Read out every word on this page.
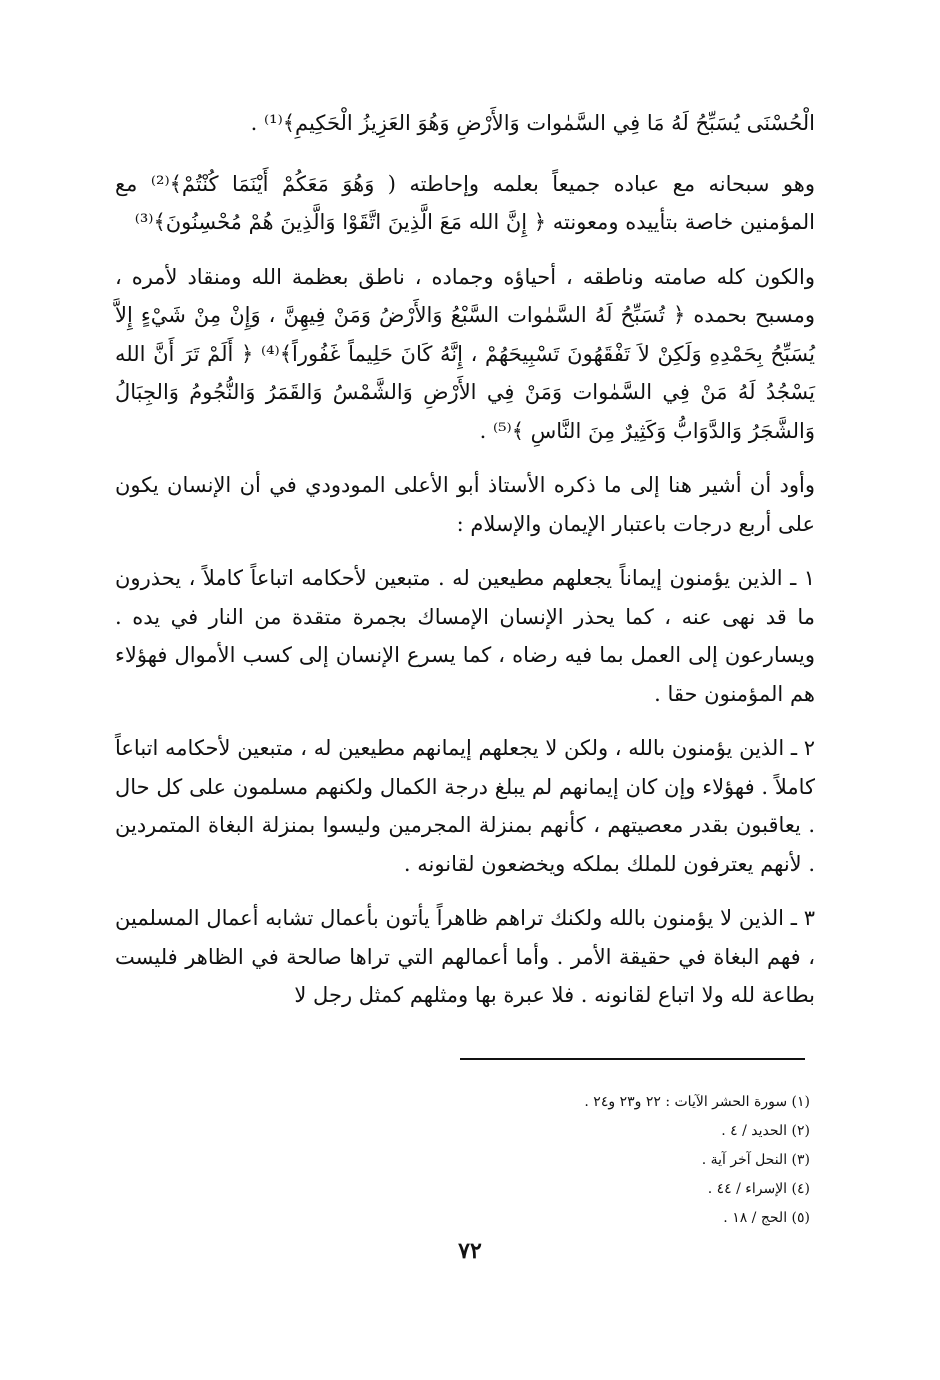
الْحُسْنَى يُسَبِّحُ لَهُ مَا فِي السَّمٰوات وَالأَرْضِ وَهُوَ العَزِيزُ الْحَكِيمِ﴾⁽¹⁾ .

وهو سبحانه مع عباده جميعاً بعلمه وإحاطته ( وَهُوَ مَعَكُمْ أَيْنَمَا كُنْتُمْ﴾⁽²⁾ مع المؤمنين خاصة بتأييده ومعونته ﴿ إِنَّ الله مَعَ الَّذِينَ اتَّقَوْا وَالَّذِينَ هُمْ مُحْسِنُونَ﴾⁽³⁾

والكون كله صامته وناطقه ، أحياؤه وجماده ، ناطق بعظمة الله ومنقاد لأمره ، ومسبح بحمده ﴿ تُسَبِّحُ لَهُ السَّمٰوات السَّبْعُ وَالأَرْضُ وَمَنْ فِيهِنَّ ، وَإِنْ مِنْ شَيْءٍ إِلاَّ يُسَبِّحُ بِحَمْدِهِ وَلَكِنْ لاَ تَفْقَهُونَ تَسْبِيحَهُمْ ، إِنَّهُ كَانَ حَلِيماً غَفُوراً﴾⁽⁴⁾ ﴿ أَلَمْ تَرَ أَنَّ الله يَسْجُدُ لَهُ مَنْ فِي السَّمٰوات وَمَنْ فِي الأَرْضِ وَالشَّمْسُ وَالقَمَرُ وَالنُّجُومُ وَالجِبَالُ وَالشَّجَرُ وَالدَّوَابُّ وَكَثِيرٌ مِنَ النَّاسِ ﴾⁽⁵⁾ .

وأود أن أشير هنا إلى ما ذكره الأستاذ أبو الأعلى المودودي في أن الإنسان يكون على أربع درجات باعتبار الإيمان والإسلام :

١ ـ الذين يؤمنون إيماناً يجعلهم مطيعين له . متبعين لأحكامه اتباعاً كاملاً ، يحذرون ما قد نهى عنه ، كما يحذر الإنسان الإمساك بجمرة متقدة من النار في يده . ويسارعون إلى العمل بما فيه رضاه ، كما يسرع الإنسان إلى كسب الأموال فهؤلاء هم المؤمنون حقا .

٢ ـ الذين يؤمنون بالله ، ولكن لا يجعلهم إيمانهم مطيعين له ، متبعين لأحكامه اتباعاً كاملاً . فهؤلاء وإن كان إيمانهم لم يبلغ درجة الكمال ولكنهم مسلمون على كل حال . يعاقبون بقدر معصيتهم ، كأنهم بمنزلة المجرمين وليسوا بمنزلة البغاة المتمردين . لأنهم يعترفون للملك بملكه ويخضعون لقانونه .

٣ ـ الذين لا يؤمنون بالله ولكنك تراهم ظاهراً يأتون بأعمال تشابه أعمال المسلمين ، فهم البغاة في حقيقة الأمر . وأما أعمالهم التي تراها صالحة في الظاهر فليست بطاعة لله ولا اتباع لقانونه . فلا عبرة بها ومثلهم كمثل رجل لا

(١) سورة الحشر الآيات : ٢٢ و٢٣ و٢٤ .
(٢) الحديد / ٤ .
(٣) النحل آخر آية .
(٤) الإسراء / ٤٤ .
(٥) الحج / ١٨ .
٧٢
